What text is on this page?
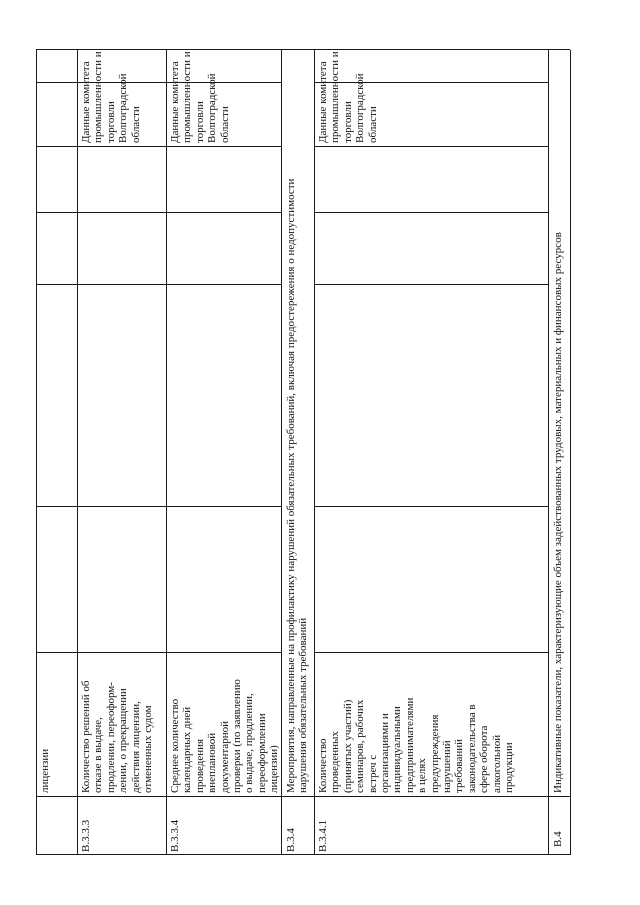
лицензии
В.3.3.3
Количество решений об
отказе в выдаче,
продлении, переоформ-
лении, о прекращении
действия лицензии,
отмененных судом
Данные комитета
промышленности и
торговли
Волгоградской
области
В.3.3.4
Среднее количество
календарных дней
проведения
внеплановой
документарной
проверки (по заявлению
о выдаче, продлении,
переоформлении
лицензии)
Данные комитета
промышленности и
торговли
Волгоградской
области
В.3.4
Мероприятия, направленные на профилактику нарушений обязательных требований, включая предостережения о недопустимости
нарушения обязательных требований
В.3.4.1
Количество
проведенных
(принятых участий)
семинаров, рабочих
встреч с
организациями и
индивидуальными
предпринимателями
в целях
предупреждения
нарушений
требований
законодательства в
сфере оборота
алкогольной
продукции
Данные комитета
промышленности и
торговли
Волгоградской
области
В.4
Индикативные показатели, характеризующие объем задействованных трудовых, материальных и финансовых ресурсов
